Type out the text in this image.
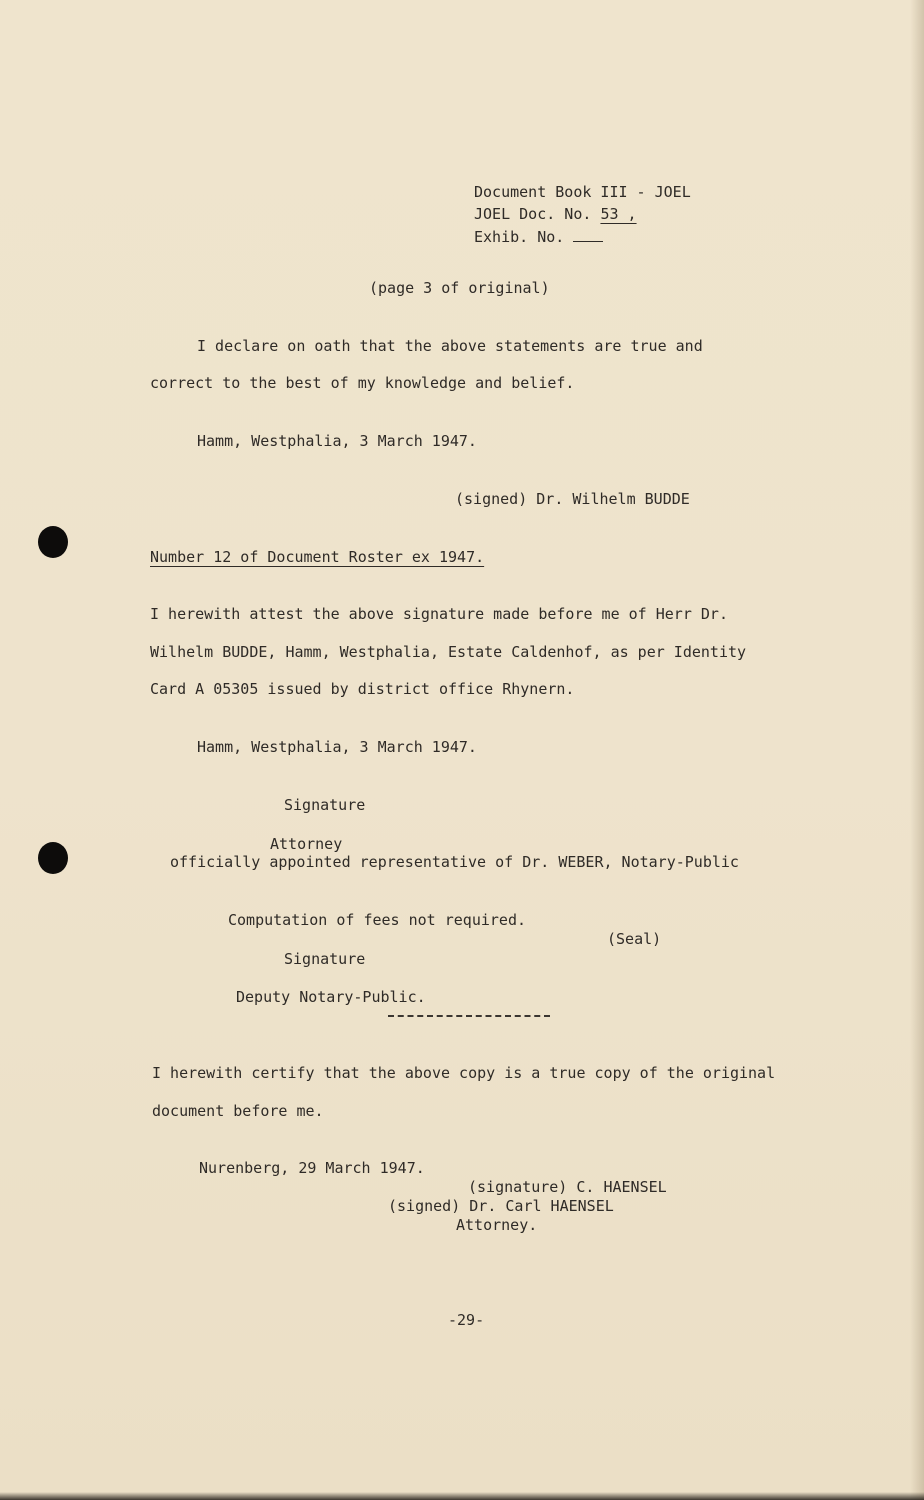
Document Book III - JOEL
JOEL Doc. No. 53 ,
Exhib. No.
(page 3 of original)
I declare on oath that the above statements are true and
correct to the best of my knowledge and belief.
Hamm, Westphalia, 3 March 1947.
(signed) Dr. Wilhelm BUDDE
Number 12 of Document Roster ex 1947.
I herewith attest the above signature made before me of Herr Dr.
Wilhelm BUDDE, Hamm, Westphalia, Estate Caldenhof, as per Identity
Card A 05305 issued by district office Rhynern.
Hamm, Westphalia, 3 March 1947.
Signature
Attorney
officially appointed representative of Dr. WEBER, Notary-Public
Computation of fees not required.
(Seal)
Signature
Deputy Notary-Public.
I herewith certify that the above copy is a true copy of the original
document before me.
Nurenberg, 29 March 1947.
(signature) C. HAENSEL
(signed) Dr. Carl HAENSEL
Attorney.
-29-
